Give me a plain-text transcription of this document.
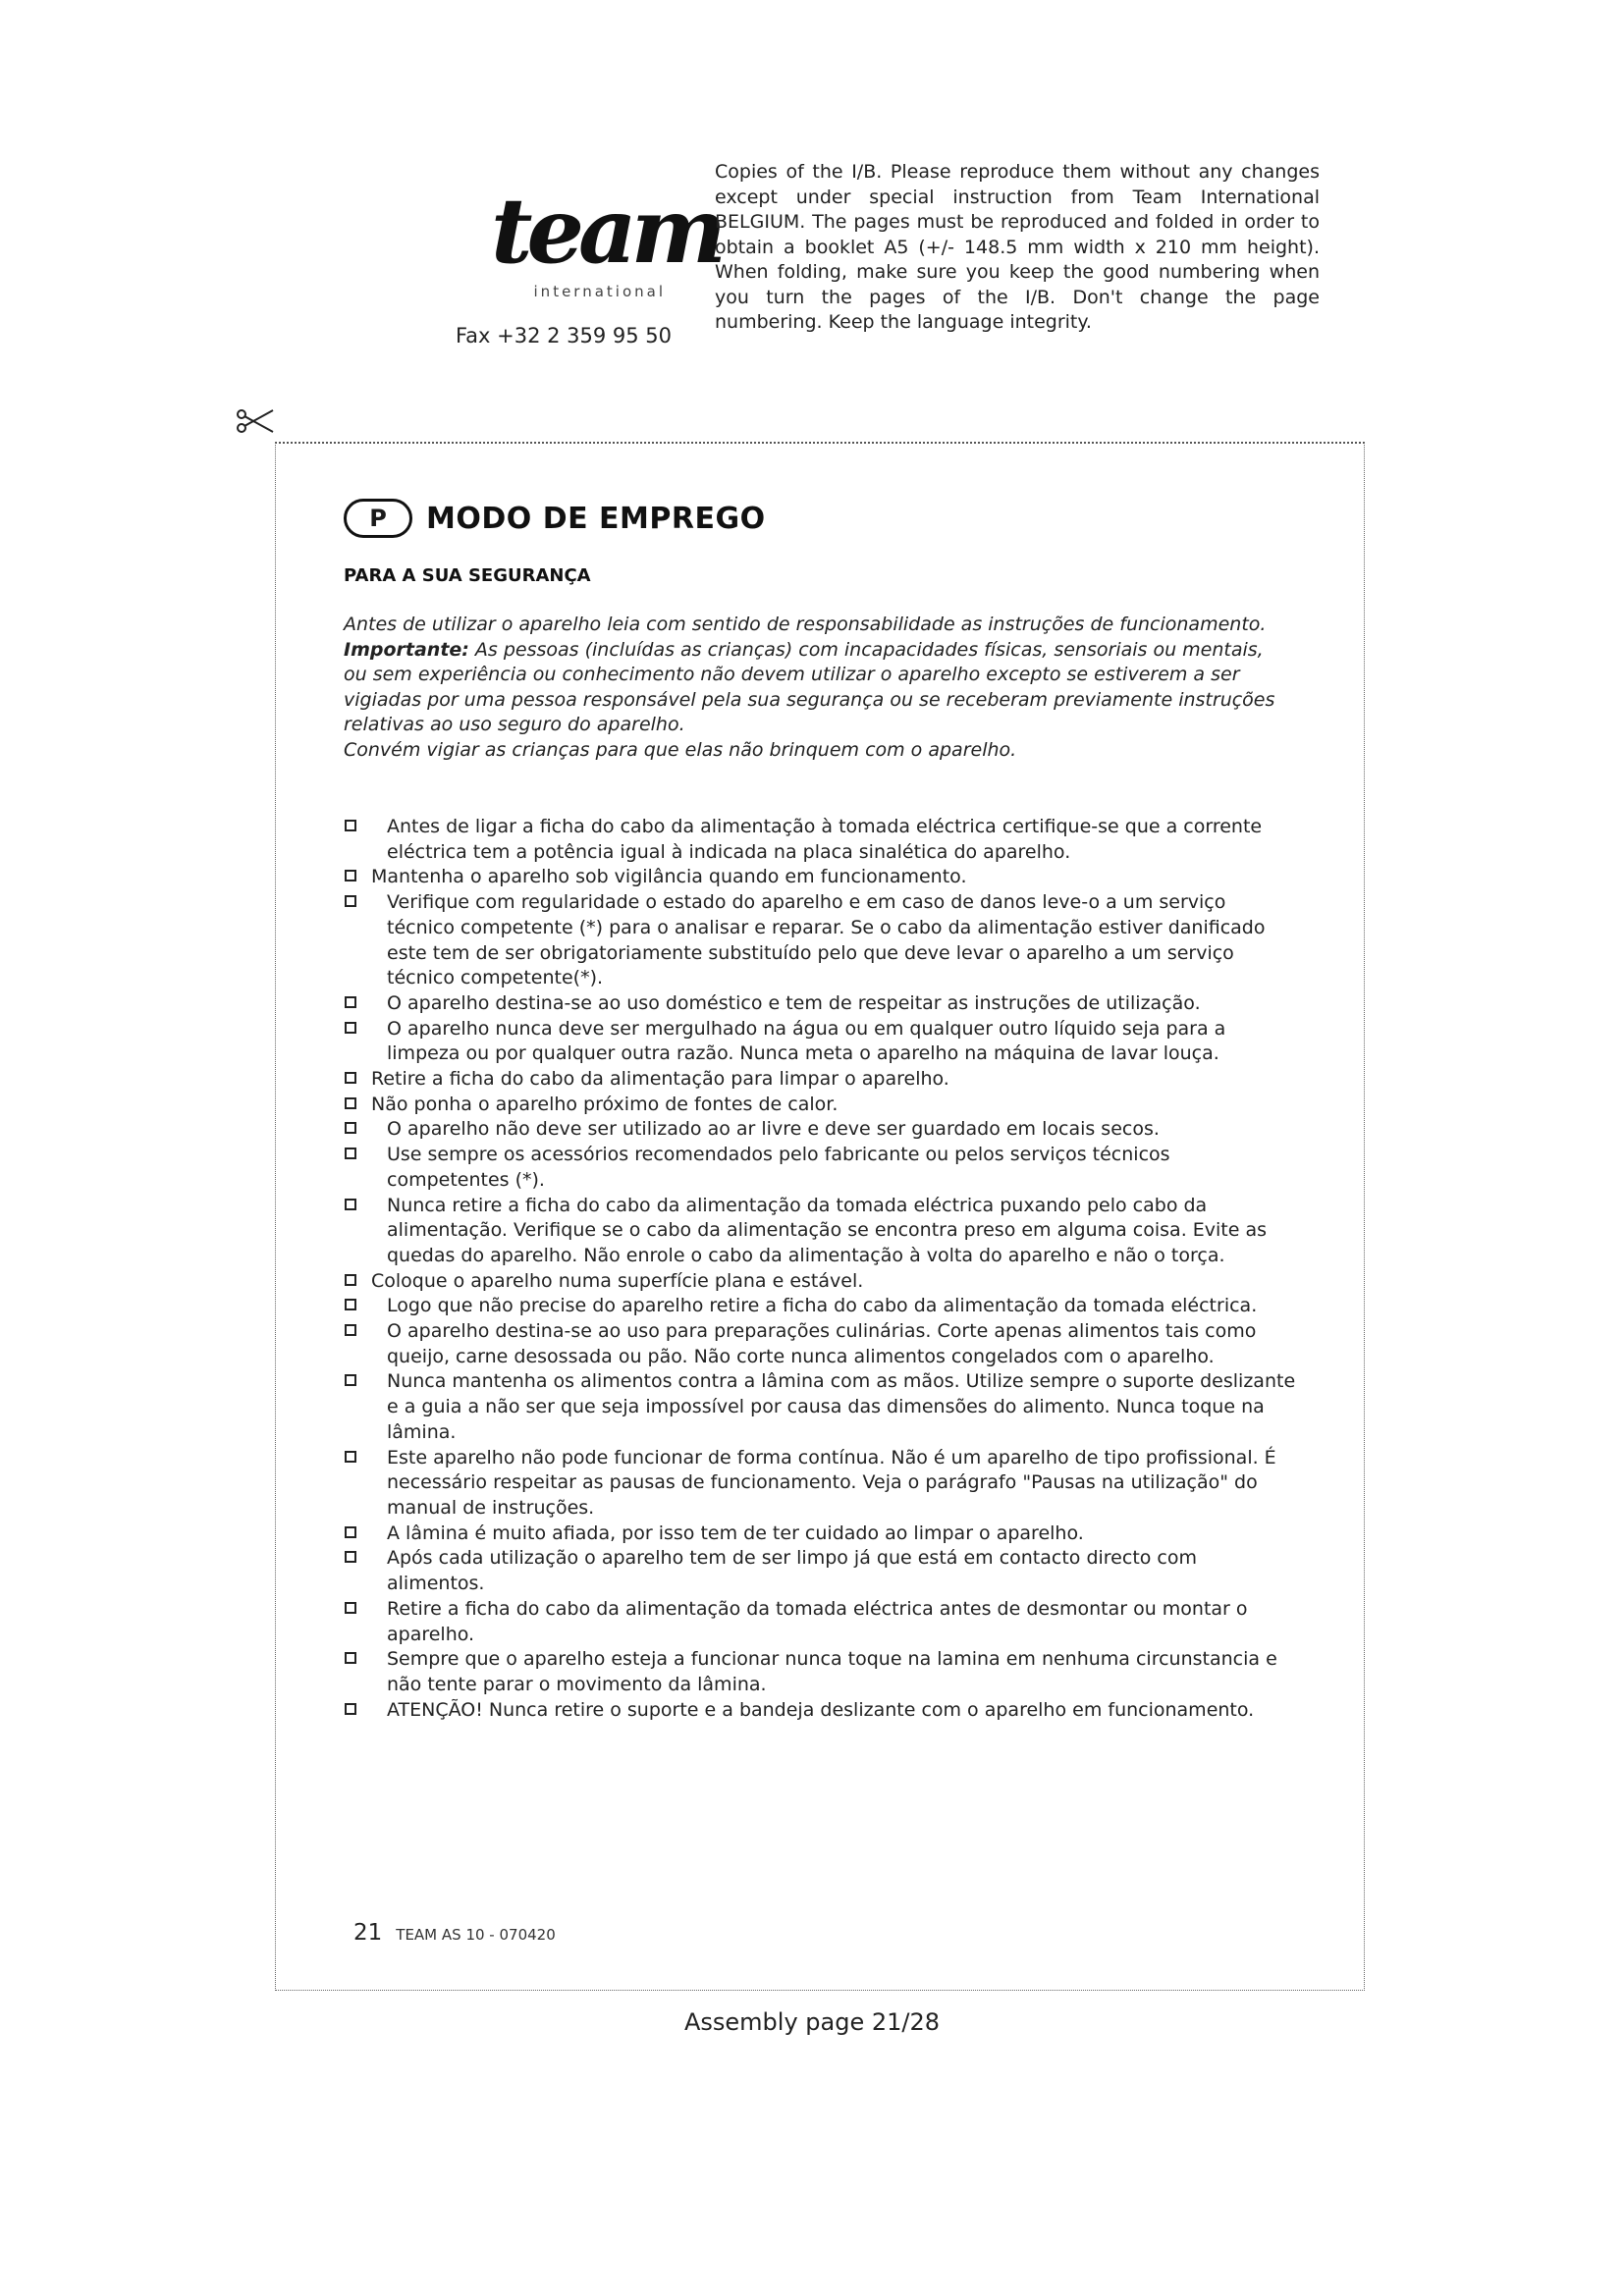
team
international
Fax +32 2 359 95 50
Copies of the I/B. Please reproduce them without any changes except under special instruction from Team International BELGIUM. The pages must be reproduced and folded in order to obtain a booklet A5 (+/- 148.5 mm width x 210 mm height). When folding, make sure you keep the good numbering when you turn the pages of the I/B. Don't change the page numbering. Keep the language integrity.
P	MODO DE EMPREGO
PARA A SUA SEGURANÇA

Antes de utilizar o aparelho leia com sentido de responsabilidade as instruções de funcionamento.

Importante: As pessoas (incluídas as crianças) com incapacidades físicas, sensoriais ou mentais, ou sem experiência ou conhecimento não devem utilizar o aparelho excepto se estiverem a ser vigiadas por uma pessoa responsável pela sua segurança ou se receberam previamente instruções relativas ao uso seguro do aparelho.

Convém vigiar as crianças para que elas não brinquem com o aparelho.

Antes de ligar a ficha do cabo da alimentação à tomada eléctrica certifique-se que a corrente eléctrica tem a potência igual à indicada na placa sinalética do aparelho.
Mantenha o aparelho sob vigilância quando em funcionamento.
Verifique com regularidade o estado do aparelho e em caso de danos leve-o a um serviço técnico competente (*) para o analisar e reparar. Se o cabo da alimentação estiver danificado este tem de ser obrigatoriamente substituído pelo que deve levar o aparelho a um serviço técnico competente(*).
O aparelho destina-se ao uso doméstico e tem de respeitar as instruções de utilização.
O aparelho nunca deve ser mergulhado na água ou em qualquer outro líquido seja para a limpeza ou por qualquer outra razão. Nunca meta o aparelho na máquina de lavar louça.
Retire a ficha do cabo da alimentação para limpar o aparelho.
Não ponha o aparelho próximo de fontes de calor.
O aparelho não deve ser utilizado ao ar livre e deve ser guardado em locais secos.
Use sempre os acessórios recomendados pelo fabricante ou pelos serviços técnicos competentes (*).
Nunca retire a ficha do cabo da alimentação da tomada eléctrica puxando pelo cabo da alimentação. Verifique se o cabo da alimentação se encontra preso em alguma coisa. Evite as quedas do aparelho. Não enrole o cabo da alimentação à volta do aparelho e não o torça.
Coloque o aparelho numa superfície plana e estável.
Logo que não precise do aparelho retire a ficha do cabo da alimentação da tomada eléctrica.
O aparelho destina-se ao uso para preparações culinárias. Corte apenas alimentos tais como queijo, carne desossada ou pão. Não corte nunca alimentos congelados com o aparelho.
Nunca mantenha os alimentos contra a lâmina com as mãos. Utilize sempre o suporte deslizante e a guia a não ser que seja impossível por causa das dimensões do alimento. Nunca toque na lâmina.
Este aparelho não pode funcionar de forma contínua. Não é um aparelho de tipo profissional. É necessário respeitar as pausas de funcionamento. Veja o parágrafo "Pausas na utilização" do manual de instruções.
A lâmina é muito afiada, por isso tem de ter cuidado ao limpar o aparelho.
Após cada utilização o aparelho tem de ser limpo já que está em contacto directo com alimentos.
Retire a ficha do cabo da alimentação da tomada eléctrica antes de desmontar ou montar o aparelho.
Sempre que o aparelho esteja a funcionar nunca toque na lamina em nenhuma circunstancia e não tente parar o movimento da lâmina.
ATENÇÃO! Nunca retire o suporte e a bandeja deslizante com o aparelho em funcionamento.
21 TEAM AS 10 - 070420
Assembly page 21/28
